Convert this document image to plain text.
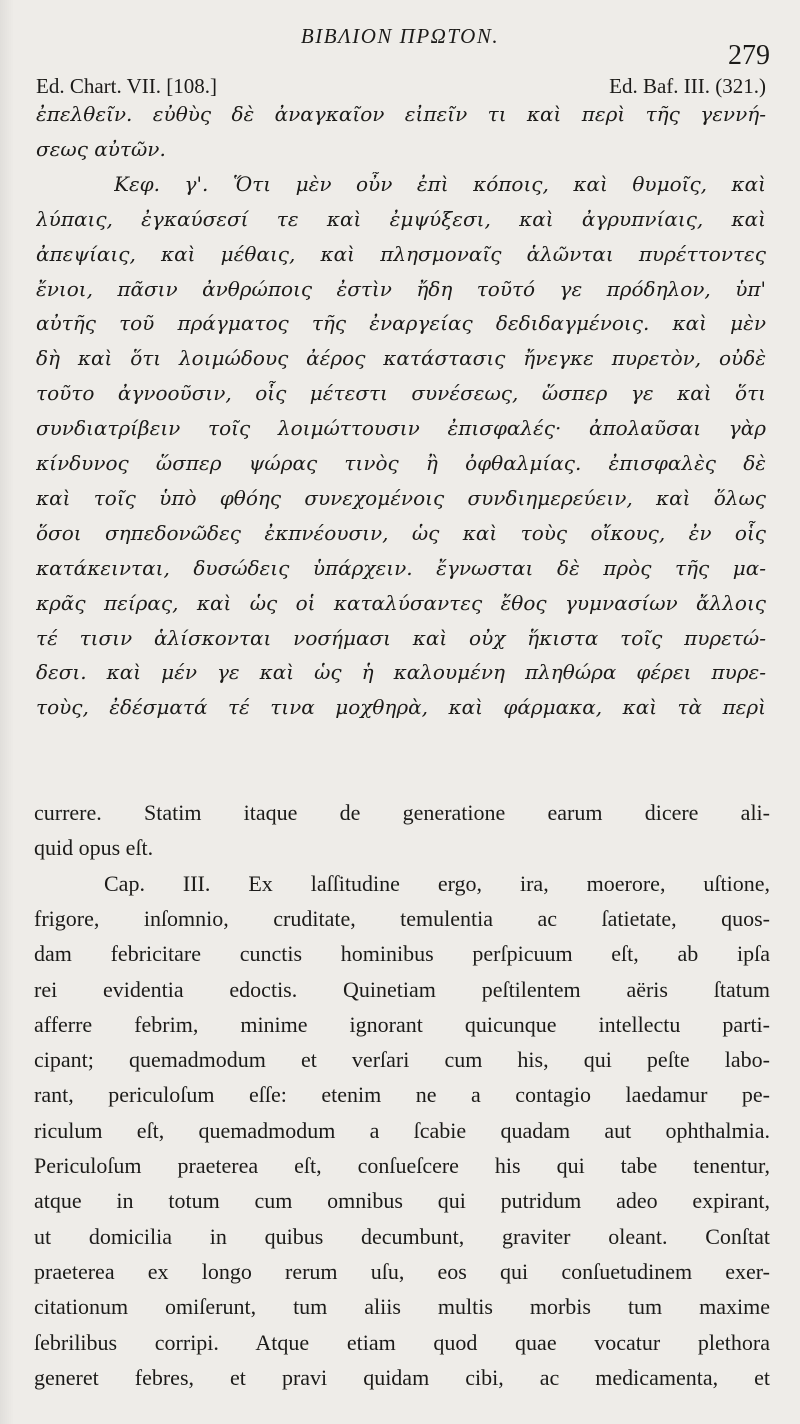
ΒΙΒΛΙΟΝ ΠΡΩΤΟΝ.
279
Ed. Chart. VII. [108.]	Ed. Baf. III. (321.)
ἐπελθεῖν. εὐθὺς δὲ ἀναγκαῖον εἰπεῖν τι καὶ περὶ τῆς γεννή-
σεως αὐτῶν.
Κεφ. γ'. Ὅτι μὲν οὖν ἐπὶ κόποις, καὶ θυμοῖς, καὶ
λύπαις, ἐγκαύσεσί τε καὶ ἐμψύξεσι, καὶ ἀγρυπνίαις, καὶ
ἀπεψίαις, καὶ μέθαις, καὶ πλησμοναῖς ἁλῶνται πυρέττοντες
ἔνιοι, πᾶσιν ἀνθρώποις ἐστὶν ἤδη τοῦτό γε πρόδηλον, ὑπ'
αὐτῆς τοῦ πράγματος τῆς ἐναργείας δεδιδαγμένοις. καὶ μὲν
δὴ καὶ ὅτι λοιμώδους ἀέρος κατάστασις ἤνεγκε πυρετὸν, οὐδὲ
τοῦτο ἀγνοοῦσιν, οἷς μέτεστι συνέσεως, ὥσπερ γε καὶ ὅτι
συνδιατρίβειν τοῖς λοιμώττουσιν ἐπισφαλές· ἀπολαῦσαι γὰρ
κίνδυνος ὥσπερ ψώρας τινὸς ἢ ὀφθαλμίας. ἐπισφαλὲς δὲ
καὶ τοῖς ὑπὸ φθόης συνεχομένοις συνδιημερεύειν, καὶ ὅλως
ὅσοι σηπεδονῶδες ἐκπνέουσιν, ὡς καὶ τοὺς οἴκους, ἐν οἷς
κατάκεινται, δυσώδεις ὑπάρχειν. ἔγνωσται δὲ πρὸς τῆς μα-
κρᾶς πείρας, καὶ ὡς οἱ καταλύσαντες ἔθος γυμνασίων ἄλλοις
τέ τισιν ἁλίσκονται νοσήμασι καὶ οὐχ ἥκιστα τοῖς πυρετώ-
δεσι. καὶ μέν γε καὶ ὡς ἡ καλουμένη πληθώρα φέρει πυρε-
τοὺς, ἐδέσματά τέ τινα μοχθηρὰ, καὶ φάρμακα, καὶ τὰ περὶ
currere. Statim itaque de generatione earum dicere ali-
quid opus eſt.
Cap. III. Ex laſſitudine ergo, ira, moerore, uſtione,
frigore, inſomnio, cruditate, temulentia ac ſatietate, quos-
dam febricitare cunctis hominibus perſpicuum eſt, ab ipſa
rei evidentia edoctis. Quinetiam peſtilentem aëris ſtatum
afferre febrim, minime ignorant quicunque intellectu parti-
cipant; quemadmodum et verſari cum his, qui peſte labo-
rant, periculoſum eſſe: etenim ne a contagio laedamur pe-
riculum eſt, quemadmodum a ſcabie quadam aut ophthalmia.
Periculoſum praeterea eſt, conſueſcere his qui tabe tenentur,
atque in totum cum omnibus qui putridum adeo expirant,
ut domicilia in quibus decumbunt, graviter oleant. Conſtat
praeterea ex longo rerum uſu, eos qui conſuetudinem exer-
citationum omiſerunt, tum aliis multis morbis tum maxime
ſebrilibus corripi. Atque etiam quod quae vocatur plethora
generet febres, et pravi quidam cibi, ac medicamenta, et
